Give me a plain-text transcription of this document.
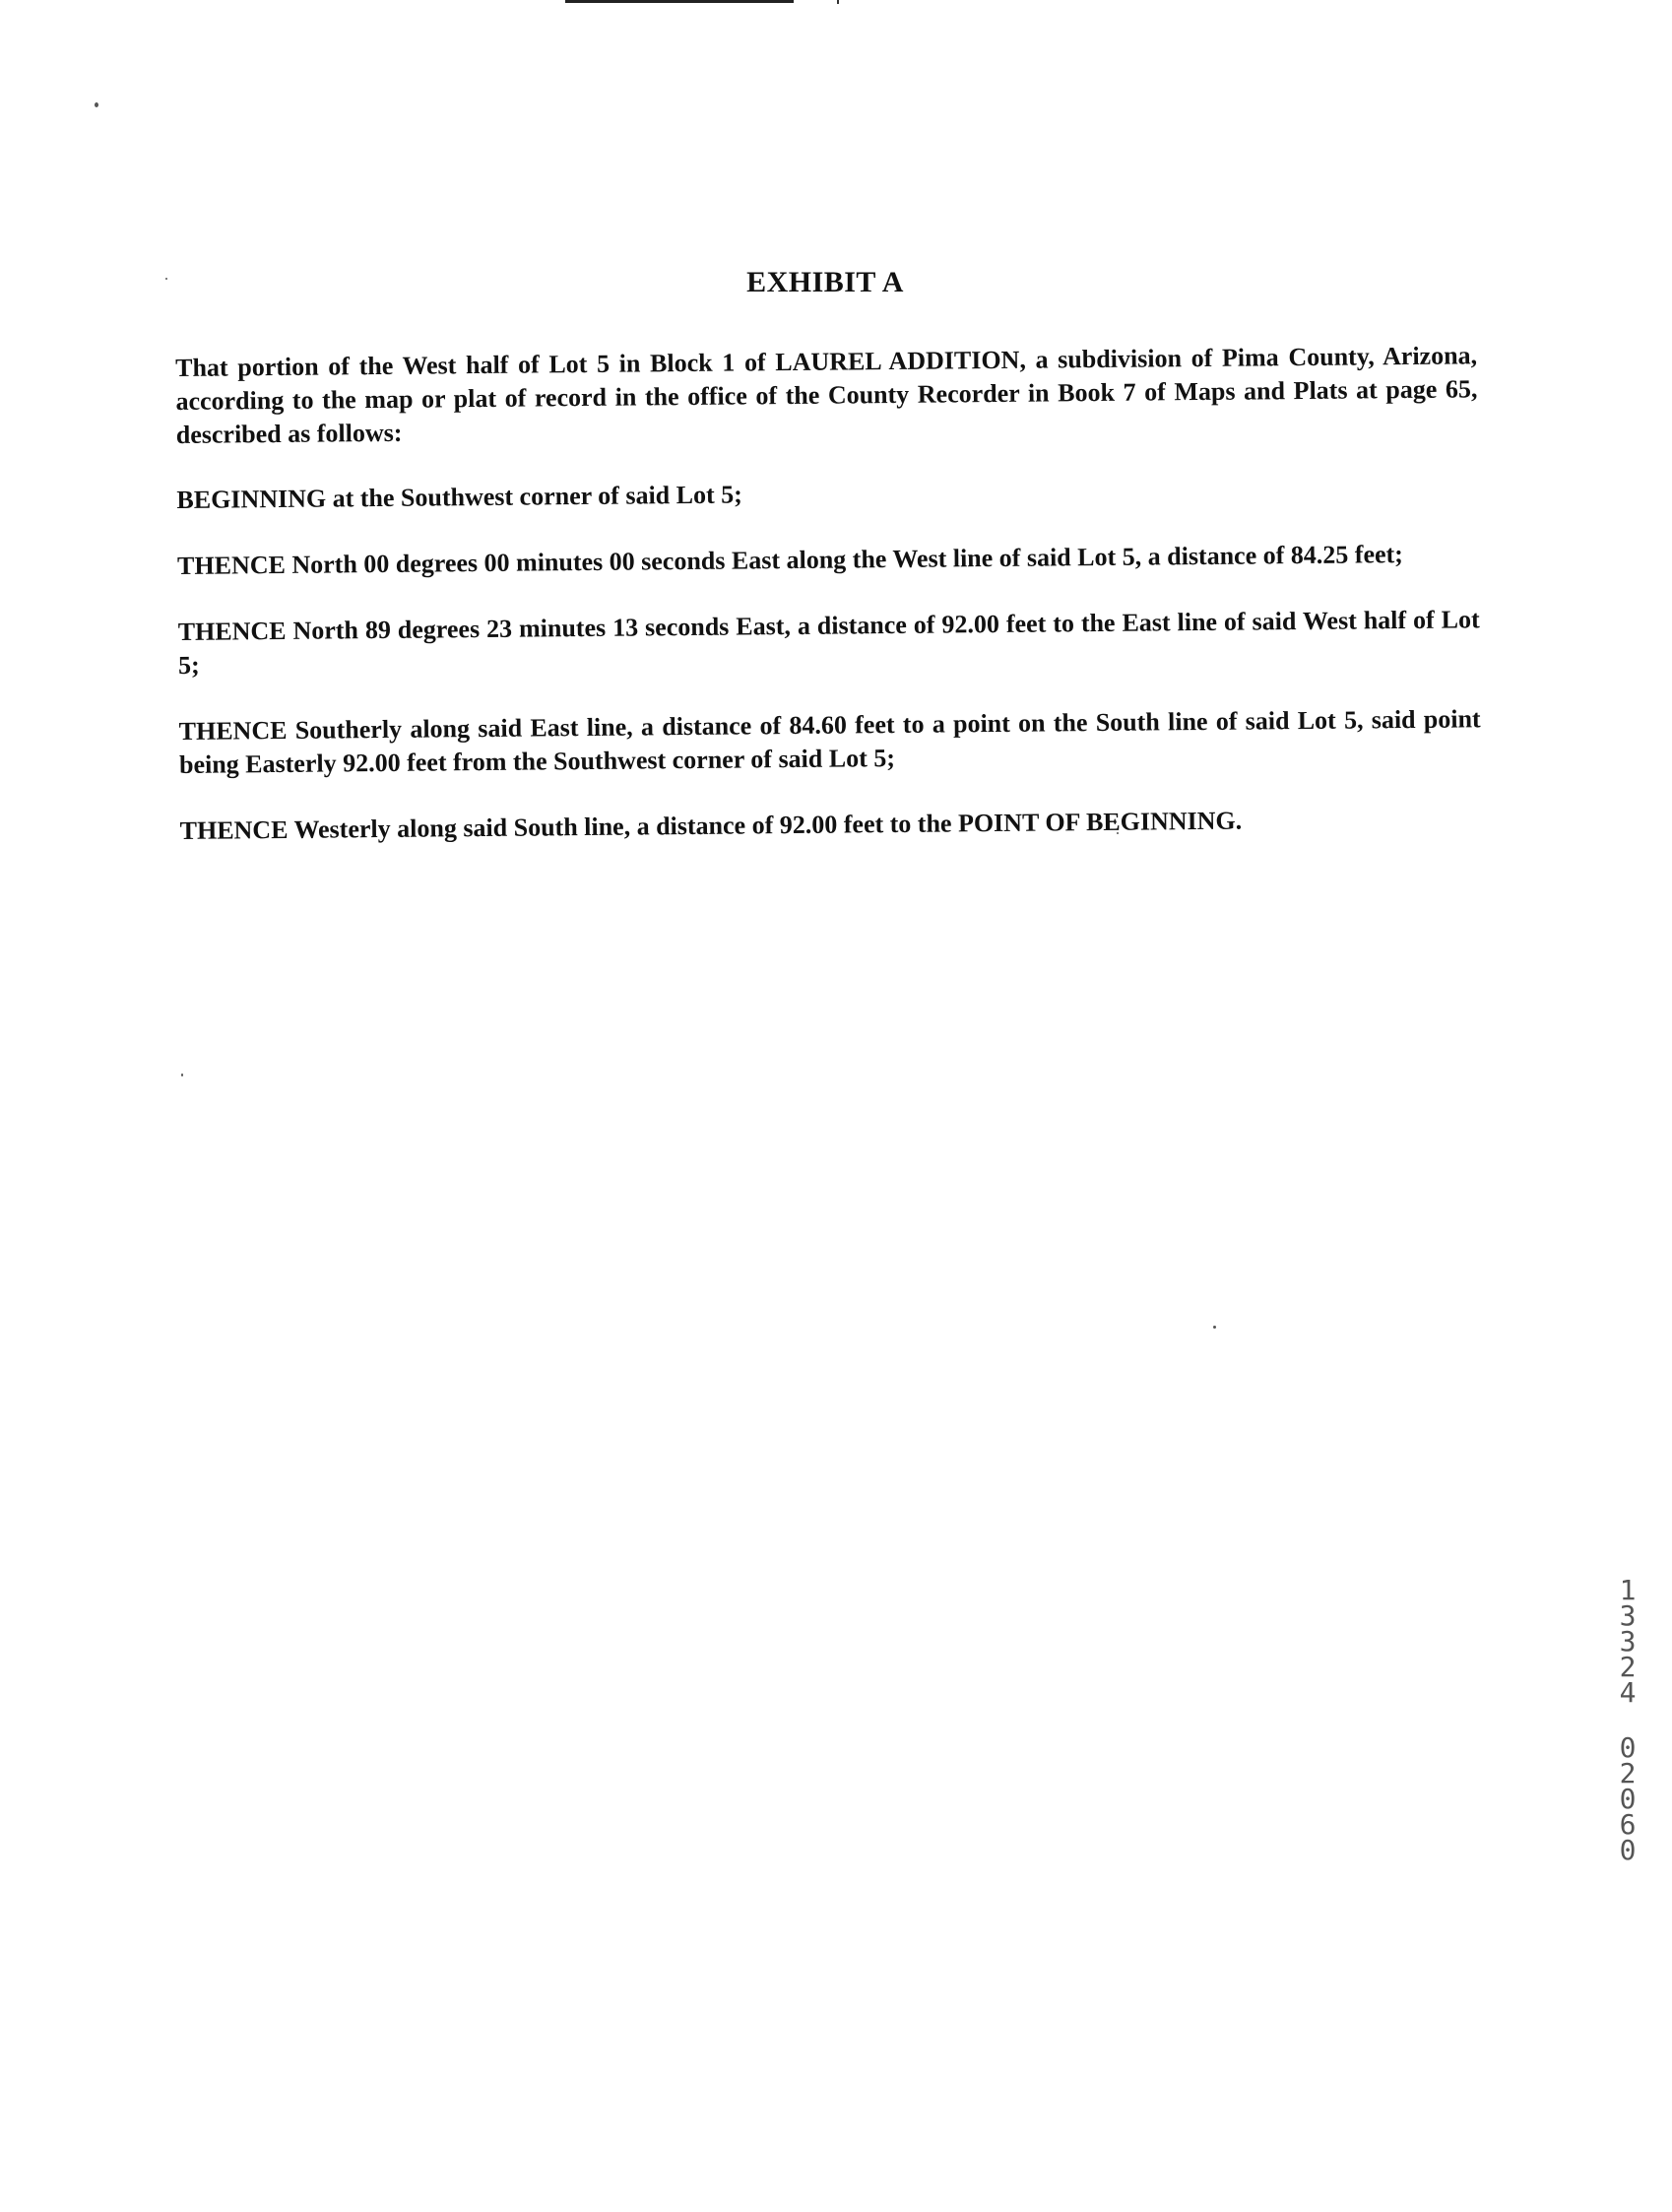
EXHIBIT A

That portion of the West half of Lot 5 in Block 1 of LAUREL ADDITION, a subdivision of Pima County, Arizona, according to the map or plat of record in the office of the County Recorder in Book 7 of Maps and Plats at page 65, described as follows:

BEGINNING at the Southwest corner of said Lot 5;

THENCE North 00 degrees 00 minutes 00 seconds East along the West line of said Lot 5, a distance of 84.25 feet;

THENCE North 89 degrees 23 minutes 13 seconds East, a distance of 92.00 feet to the East line of said West half of Lot 5;

THENCE Southerly along said East line, a distance of 84.60 feet to a point on the South line of said Lot 5, said point being Easterly 92.00 feet from the Southwest corner of said Lot 5;

THENCE Westerly along said South line, a distance of 92.00 feet to the POINT OF BEGINNING.

1
3
3
2
4
0
2
0
6
0
